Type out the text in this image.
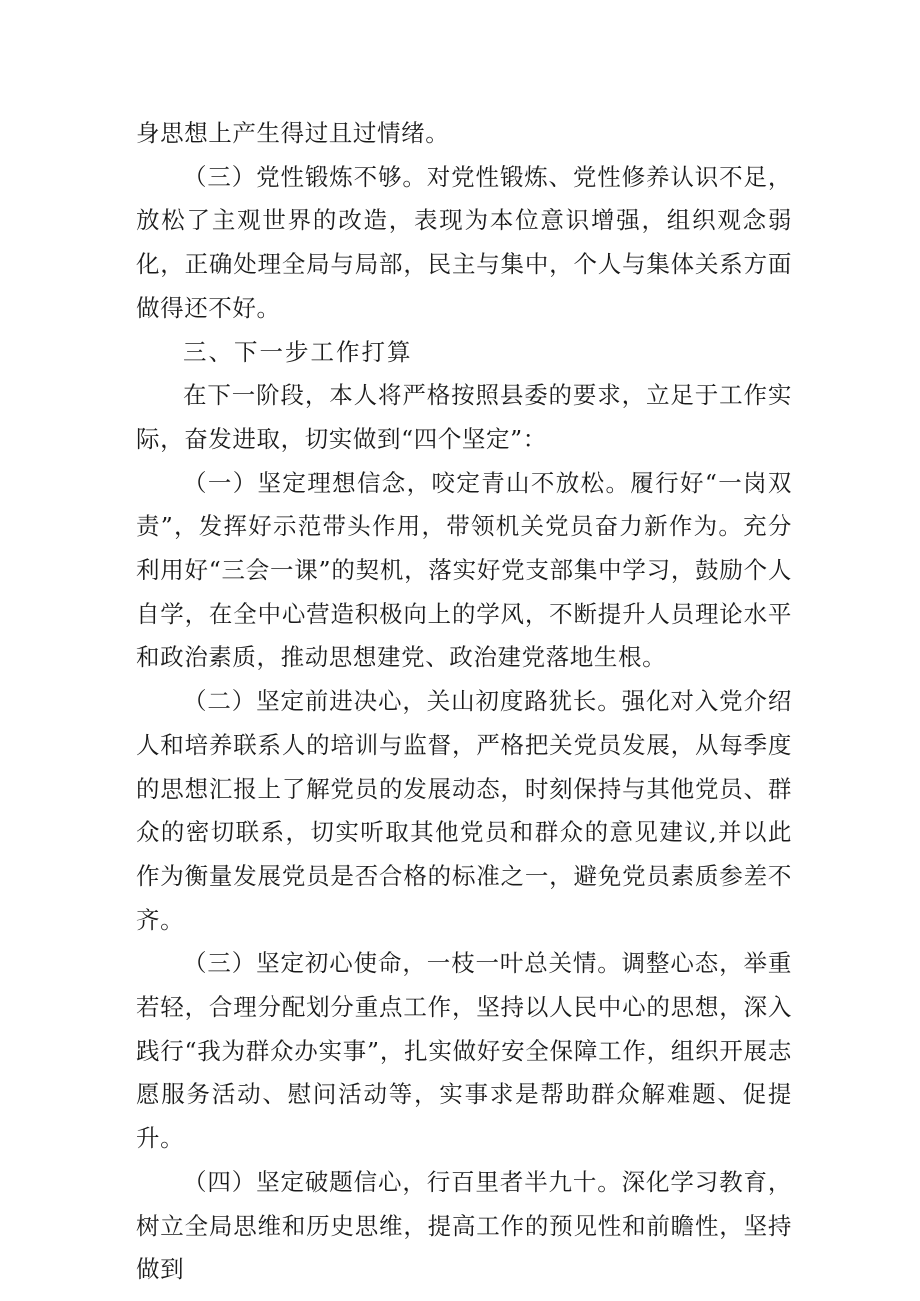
身思想上产生得过且过情绪。

（三）党性锻炼不够。对党性锻炼、党性修养认识不足，放松了主观世界的改造，表现为本位意识增强，组织观念弱化，正确处理全局与局部，民主与集中，个人与集体关系方面做得还不好。

三、下一步工作打算

在下一阶段，本人将严格按照县委的要求，立足于工作实际，奋发进取，切实做到“四个坚定”：

（一）坚定理想信念，咬定青山不放松。履行好“一岗双责”，发挥好示范带头作用，带领机关党员奋力新作为。充分利用好“三会一课”的契机，落实好党支部集中学习，鼓励个人自学，在全中心营造积极向上的学风，不断提升人员理论水平和政治素质，推动思想建党、政治建党落地生根。

（二）坚定前进决心，关山初度路犹长。强化对入党介绍人和培养联系人的培训与监督，严格把关党员发展，从每季度的思想汇报上了解党员的发展动态，时刻保持与其他党员、群众的密切联系，切实听取其他党员和群众的意见建议,并以此作为衡量发展党员是否合格的标准之一，避免党员素质参差不齐。

（三）坚定初心使命，一枝一叶总关情。调整心态，举重若轻，合理分配划分重点工作，坚持以人民中心的思想，深入践行“我为群众办实事”，扎实做好安全保障工作，组织开展志愿服务活动、慰问活动等，实事求是帮助群众解难题、促提升。

（四）坚定破题信心，行百里者半九十。深化学习教育，树立全局思维和历史思维，提高工作的预见性和前瞻性，坚持做到
